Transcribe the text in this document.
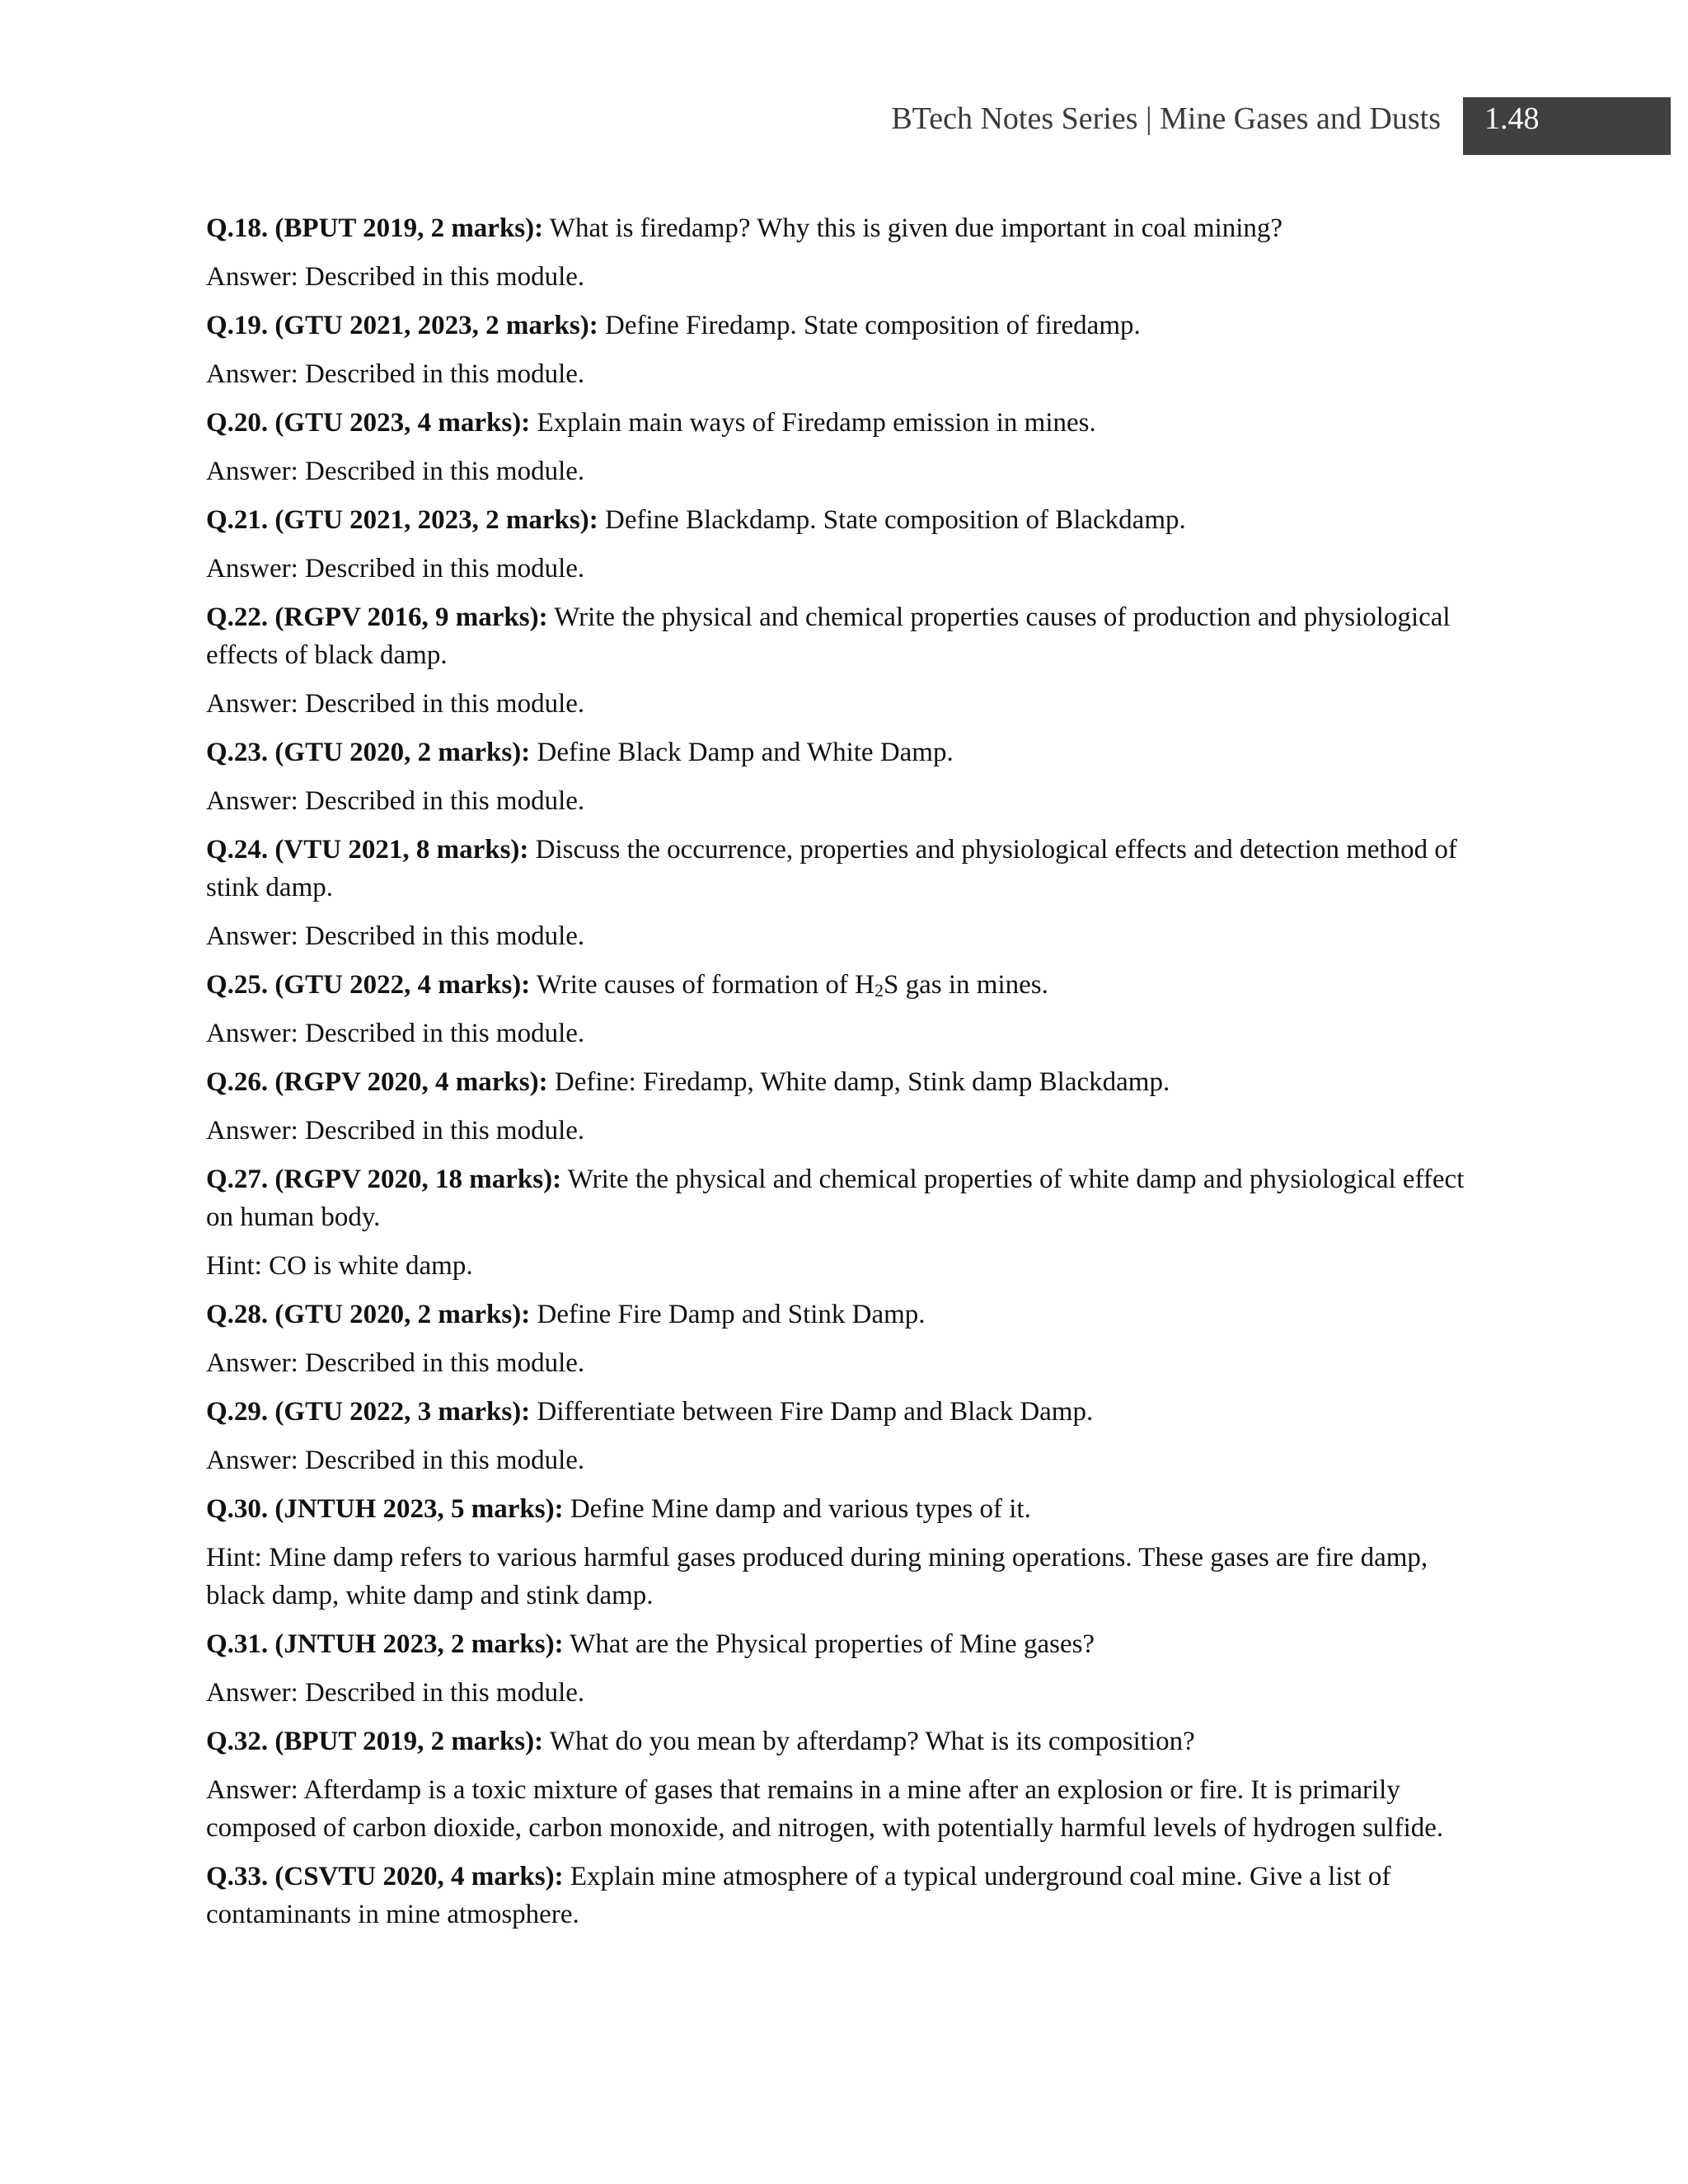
BTech Notes Series | Mine Gases and Dusts	1.48
Q.18. (BPUT 2019, 2 marks): What is firedamp? Why this is given due important in coal mining?
Answer: Described in this module.
Q.19. (GTU 2021, 2023, 2 marks): Define Firedamp. State composition of firedamp.
Answer: Described in this module.
Q.20. (GTU 2023, 4 marks): Explain main ways of Firedamp emission in mines.
Answer: Described in this module.
Q.21. (GTU 2021, 2023, 2 marks): Define Blackdamp. State composition of Blackdamp.
Answer: Described in this module.
Q.22. (RGPV 2016, 9 marks): Write the physical and chemical properties causes of production and physiological effects of black damp.
Answer: Described in this module.
Q.23. (GTU 2020, 2 marks): Define Black Damp and White Damp.
Answer: Described in this module.
Q.24. (VTU 2021, 8 marks): Discuss the occurrence, properties and physiological effects and detection method of stink damp.
Answer: Described in this module.
Q.25. (GTU 2022, 4 marks): Write causes of formation of $H_2S$ gas in mines.
Answer: Described in this module.
Q.26. (RGPV 2020, 4 marks): Define: Firedamp, White damp, Stink damp Blackdamp.
Answer: Described in this module.
Q.27. (RGPV 2020, 18 marks): Write the physical and chemical properties of white damp and physiological effect on human body.
Hint: CO is white damp.
Q.28. (GTU 2020, 2 marks): Define Fire Damp and Stink Damp.
Answer: Described in this module.
Q.29. (GTU 2022, 3 marks): Differentiate between Fire Damp and Black Damp.
Answer: Described in this module.
Q.30. (JNTUH 2023, 5 marks): Define Mine damp and various types of it.
Hint: Mine damp refers to various harmful gases produced during mining operations. These gases are fire damp, black damp, white damp and stink damp.
Q.31. (JNTUH 2023, 2 marks): What are the Physical properties of Mine gases?
Answer: Described in this module.
Q.32. (BPUT 2019, 2 marks): What do you mean by afterdamp? What is its composition?
Answer: Afterdamp is a toxic mixture of gases that remains in a mine after an explosion or fire. It is primarily composed of carbon dioxide, carbon monoxide, and nitrogen, with potentially harmful levels of hydrogen sulfide.
Q.33. (CSVTU 2020, 4 marks): Explain mine atmosphere of a typical underground coal mine. Give a list of contaminants in mine atmosphere.
